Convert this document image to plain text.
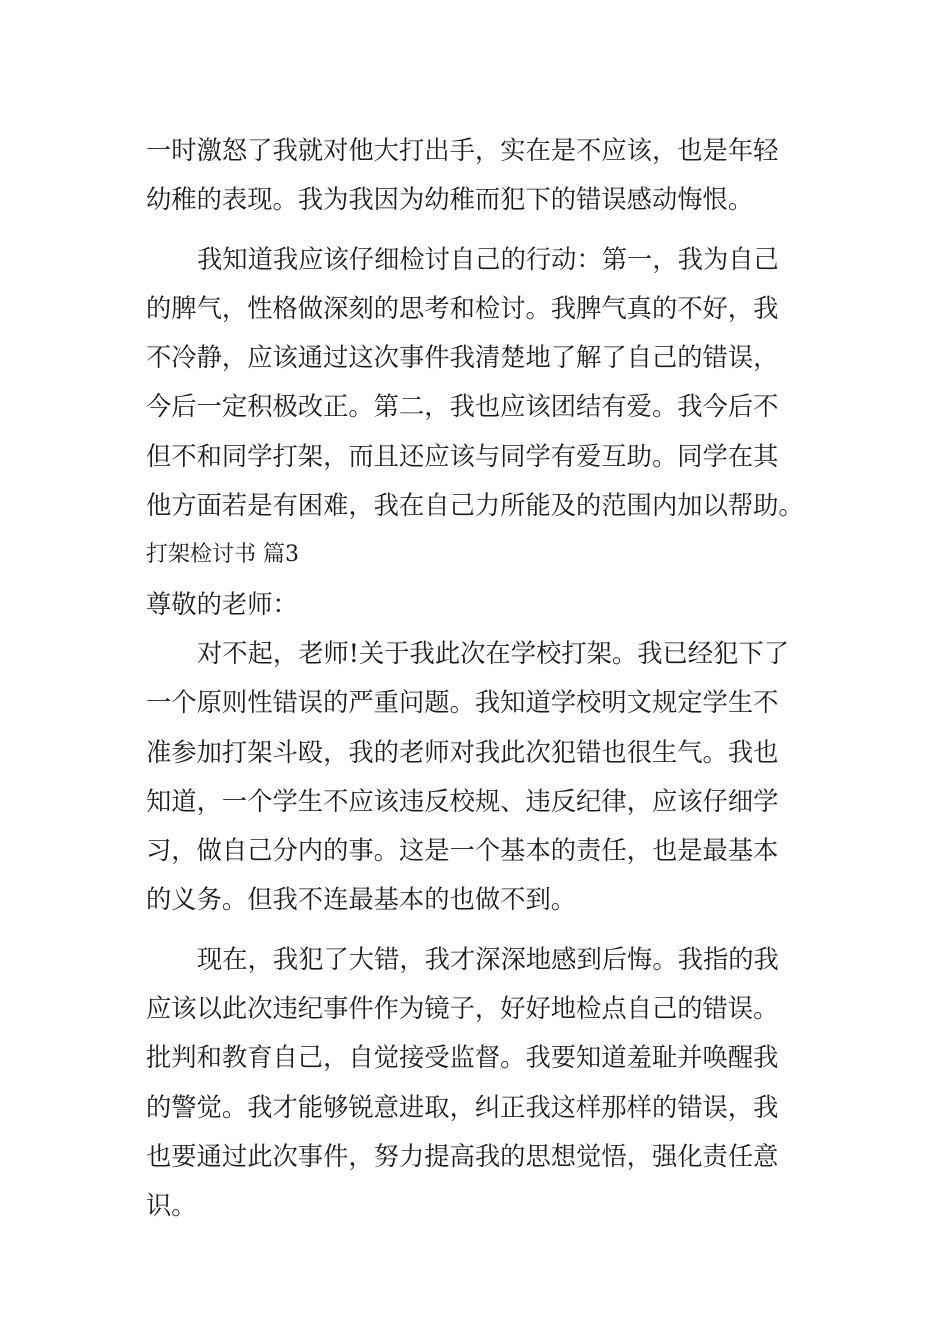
一时激怒了我就对他大打出手，实在是不应该，也是年轻
幼稚的表现。我为我因为幼稚而犯下的错误感动悔恨。
我知道我应该仔细检讨自己的行动：第一，我为自己
的脾气，性格做深刻的思考和检讨。我脾气真的不好，我
不冷静，应该通过这次事件我清楚地了解了自己的错误，
今后一定积极改正。第二，我也应该团结有爱。我今后不
但不和同学打架，而且还应该与同学有爱互助。同学在其
他方面若是有困难，我在自己力所能及的范围内加以帮助。
打架检讨书 篇3
尊敬的老师：
对不起，老师!关于我此次在学校打架。我已经犯下了
一个原则性错误的严重问题。我知道学校明文规定学生不
准参加打架斗殴，我的老师对我此次犯错也很生气。我也
知道，一个学生不应该违反校规、违反纪律，应该仔细学
习，做自己分内的事。这是一个基本的责任，也是最基本
的义务。但我不连最基本的也做不到。
现在，我犯了大错，我才深深地感到后悔。我指的我
应该以此次违纪事件作为镜子，好好地检点自己的错误。
批判和教育自己，自觉接受监督。我要知道羞耻并唤醒我
的警觉。我才能够锐意进取，纠正我这样那样的错误，我
也要通过此次事件，努力提高我的思想觉悟，强化责任意
识。
